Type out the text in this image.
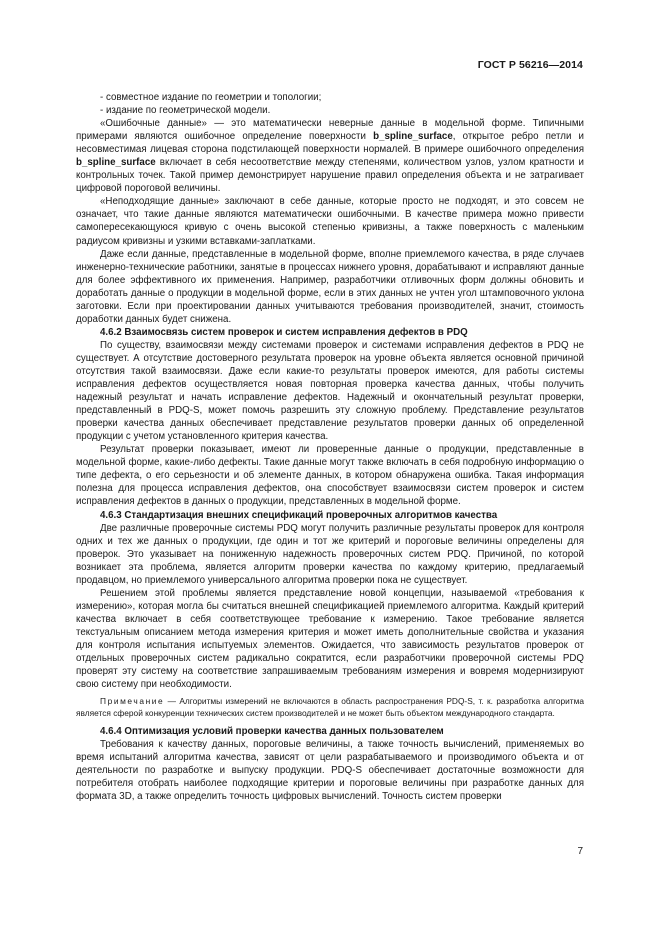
ГОСТ Р 56216—2014

- совместное издание по геометрии и топологии;

- издание по геометрической модели.

«Ошибочные данные» — это математически неверные данные в модельной форме. Типичными примерами являются ошибочное определение поверхности b_spline_surface, открытое ребро петли и несовместимая лицевая сторона подстилающей поверхности нормалей. В примере ошибочного определения b_spline_surface включает в себя несоответствие между степенями, количеством узлов, узлом кратности и контрольных точек. Такой пример демонстрирует нарушение правил определения объекта и не затрагивает цифровой пороговой величины.

«Неподходящие данные» заключают в себе данные, которые просто не подходят, и это совсем не означает, что такие данные являются математически ошибочными. В качестве примера можно привести самопересекающуюся кривую с очень высокой степенью кривизны, а также поверхность с маленьким радиусом кривизны и узкими вставками-заплатками.

Даже если данные, представленные в модельной форме, вполне приемлемого качества, в ряде случаев инженерно-технические работники, занятые в процессах нижнего уровня, дорабатывают и исправляют данные для более эффективного их применения. Например, разработчики отливочных форм должны обновить и доработать данные о продукции в модельной форме, если в этих данных не учтен угол штамповочного уклона заготовки. Если при проектировании данных учитываются требования производителей, значит, стоимость доработки данных будет снижена.

4.6.2 Взаимосвязь систем проверок и систем исправления дефектов в PDQ

По существу, взаимосвязи между системами проверок и системами исправления дефектов в PDQ не существует. А отсутствие достоверного результата проверок на уровне объекта является основной причиной отсутствия такой взаимосвязи. Даже если какие-то результаты проверок имеются, для работы системы исправления дефектов осуществляется новая повторная проверка качества данных, чтобы получить надежный результат и начать исправление дефектов. Надежный и окончательный результат проверки, представленный в PDQ-S, может помочь разрешить эту сложную проблему. Представление результатов проверки качества данных обеспечивает представление результатов проверки данных об определенной продукции с учетом установленного критерия качества.

Результат проверки показывает, имеют ли проверенные данные о продукции, представленные в модельной форме, какие-либо дефекты. Такие данные могут также включать в себя подробную информацию о типе дефекта, о его серьезности и об элементе данных, в котором обнаружена ошибка. Такая информация полезна для процесса исправления дефектов, она способствует взаимосвязи систем проверок и систем исправления дефектов в данных о продукции, представленных в модельной форме.

4.6.3 Стандартизация внешних спецификаций проверочных алгоритмов качества

Две различные проверочные системы PDQ могут получить различные результаты проверок для контроля одних и тех же данных о продукции, где один и тот же критерий и пороговые величины определены для проверок. Это указывает на пониженную надежность проверочных систем PDQ. Причиной, по которой возникает эта проблема, является алгоритм проверки качества по каждому критерию, предлагаемый продавцом, но приемлемого универсального алгоритма проверки пока не существует.

Решением этой проблемы является представление новой концепции, называемой «требования к измерению», которая могла бы считаться внешней спецификацией приемлемого алгоритма. Каждый критерий качества включает в себя соответствующее требование к измерению. Такое требование является текстуальным описанием метода измерения критерия и может иметь дополнительные свойства и указания для контроля испытания испытуемых элементов. Ожидается, что зависимость результатов проверок от отдельных проверочных систем радикально сократится, если разработчики проверочной системы PDQ проверят эту систему на соответствие запрашиваемым требованиям измерения и вовремя модернизируют свою систему при необходимости.

Примечание — Алгоритмы измерений не включаются в область распространения PDQ-S, т. к. разработка алгоритма является сферой конкуренции технических систем производителей и не может быть объектом международного стандарта.

4.6.4 Оптимизация условий проверки качества данных пользователем

Требования к качеству данных, пороговые величины, а также точность вычислений, применяемых во время испытаний алгоритма качества, зависят от цели разрабатываемого и производимого объекта и от деятельности по разработке и выпуску продукции. PDQ-S обеспечивает достаточные возможности для потребителя отобрать наиболее подходящие критерии и пороговые величины при разработке данных для формата 3D, а также определить точность цифровых вычислений. Точность систем проверки

7
